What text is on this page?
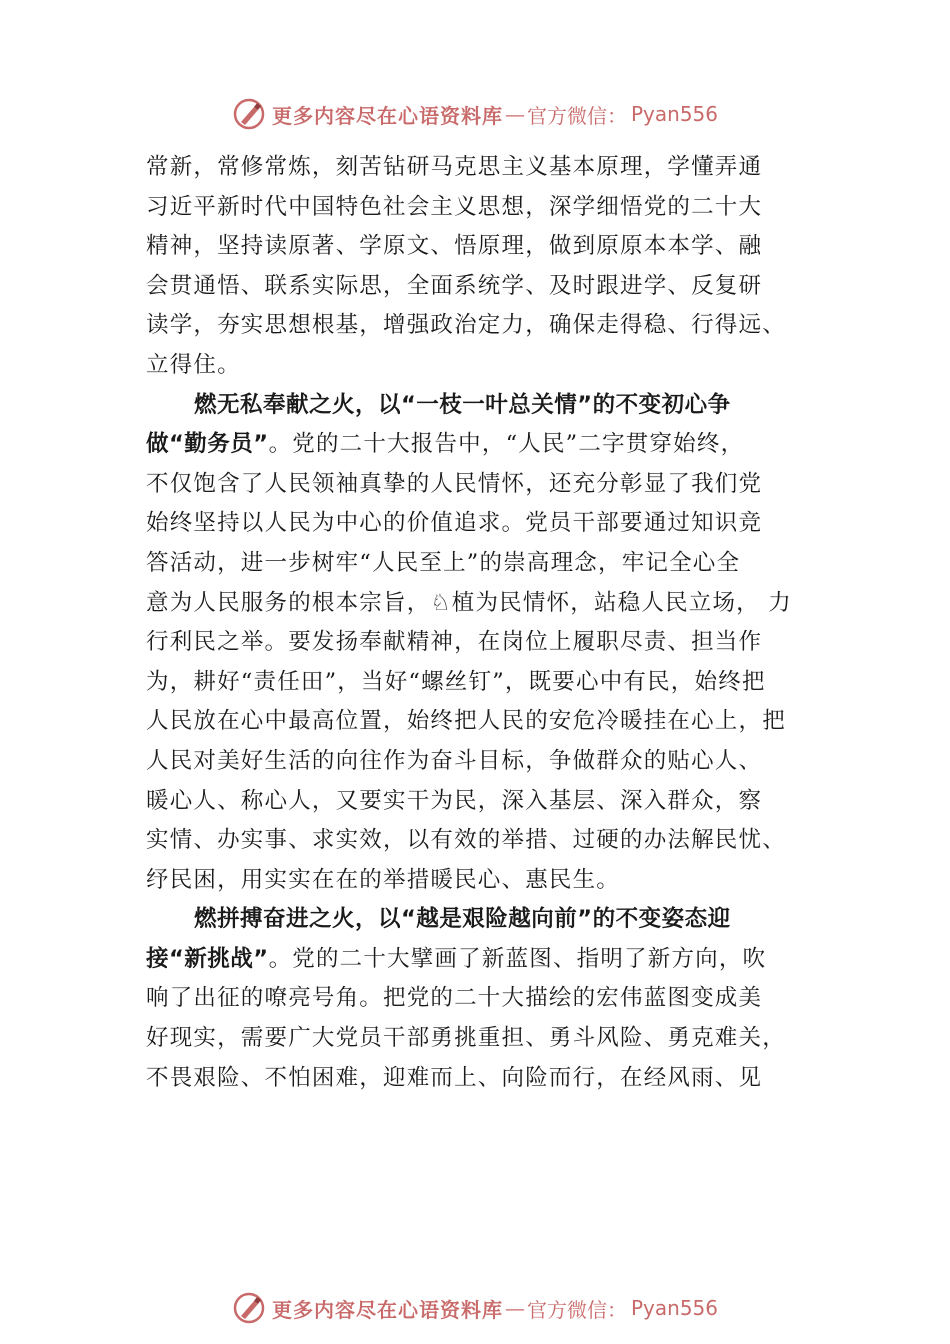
更多内容尽在心语资料库 — 官方微信： Pyan556
常新，常修常炼，刻苦钻研马克思主义基本原理，学懂弄通
习近平新时代中国特色社会主义思想，深学细悟党的二十大
精神，坚持读原著、学原文、悟原理，做到原原本本学、融
会贯通悟、联系实际思，全面系统学、及时跟进学、反复研
读学，夯实思想根基，增强政治定力，确保走得稳、行得远、
立得住。
燃无私奉献之火，以“一枝一叶总关情”的不变初心争
做“勤务员”。党的二十大报告中，“人民”二字贯穿始终，
不仅饱含了人民领袖真挚的人民情怀，还充分彰显了我们党
始终坚持以人民为中心的价值追求。党员干部要通过知识竞
答活动，进一步树牢“人民至上”的崇高理念，牢记全心全
意为人民服务的根本宗旨，♘植为民情怀，站稳人民立场， 力
行利民之举。要发扬奉献精神，在岗位上履职尽责、担当作
为，耕好“责任田”，当好“螺丝钉”，既要心中有民，始终把
人民放在心中最高位置，始终把人民的安危冷暖挂在心上，把
人民对美好生活的向往作为奋斗目标，争做群众的贴心人、
暖心人、称心人，又要实干为民，深入基层、深入群众，察
实情、办实事、求实效，以有效的举措、过硬的办法解民忧、
纾民困，用实实在在的举措暖民心、惠民生。
燃拼搏奋进之火，以“越是艰险越向前”的不变姿态迎
接“新挑战”。党的二十大擘画了新蓝图、指明了新方向，吹
响了出征的嘹亮号角。把党的二十大描绘的宏伟蓝图变成美
好现实，需要广大党员干部勇挑重担、勇斗风险、勇克难关，
不畏艰险、不怕困难，迎难而上、向险而行，在经风雨、见
更多内容尽在心语资料库 — 官方微信： Pyan556
